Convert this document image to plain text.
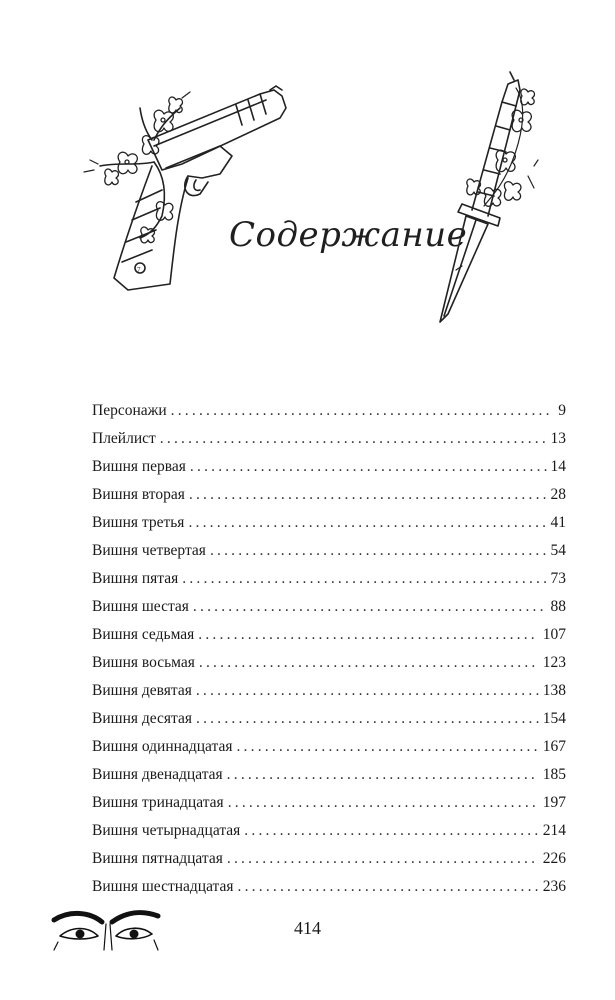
7
Содержание
Персонажи .....	9
Плейлист .....	13
Вишня первая .....	14
Вишня вторая .....	28
Вишня третья .....	41
Вишня четвертая .....	54
Вишня пятая .....	73
Вишня шестая .....	88
Вишня седьмая .....	107
Вишня восьмая .....	123
Вишня девятая .....	138
Вишня десятая .....	154
Вишня одиннадцатая .....	167
Вишня двенадцатая .....	185
Вишня тринадцатая .....	197
Вишня четырнадцатая .....	214
Вишня пятнадцатая .....	226
Вишня шестнадцатая .....	236
414
